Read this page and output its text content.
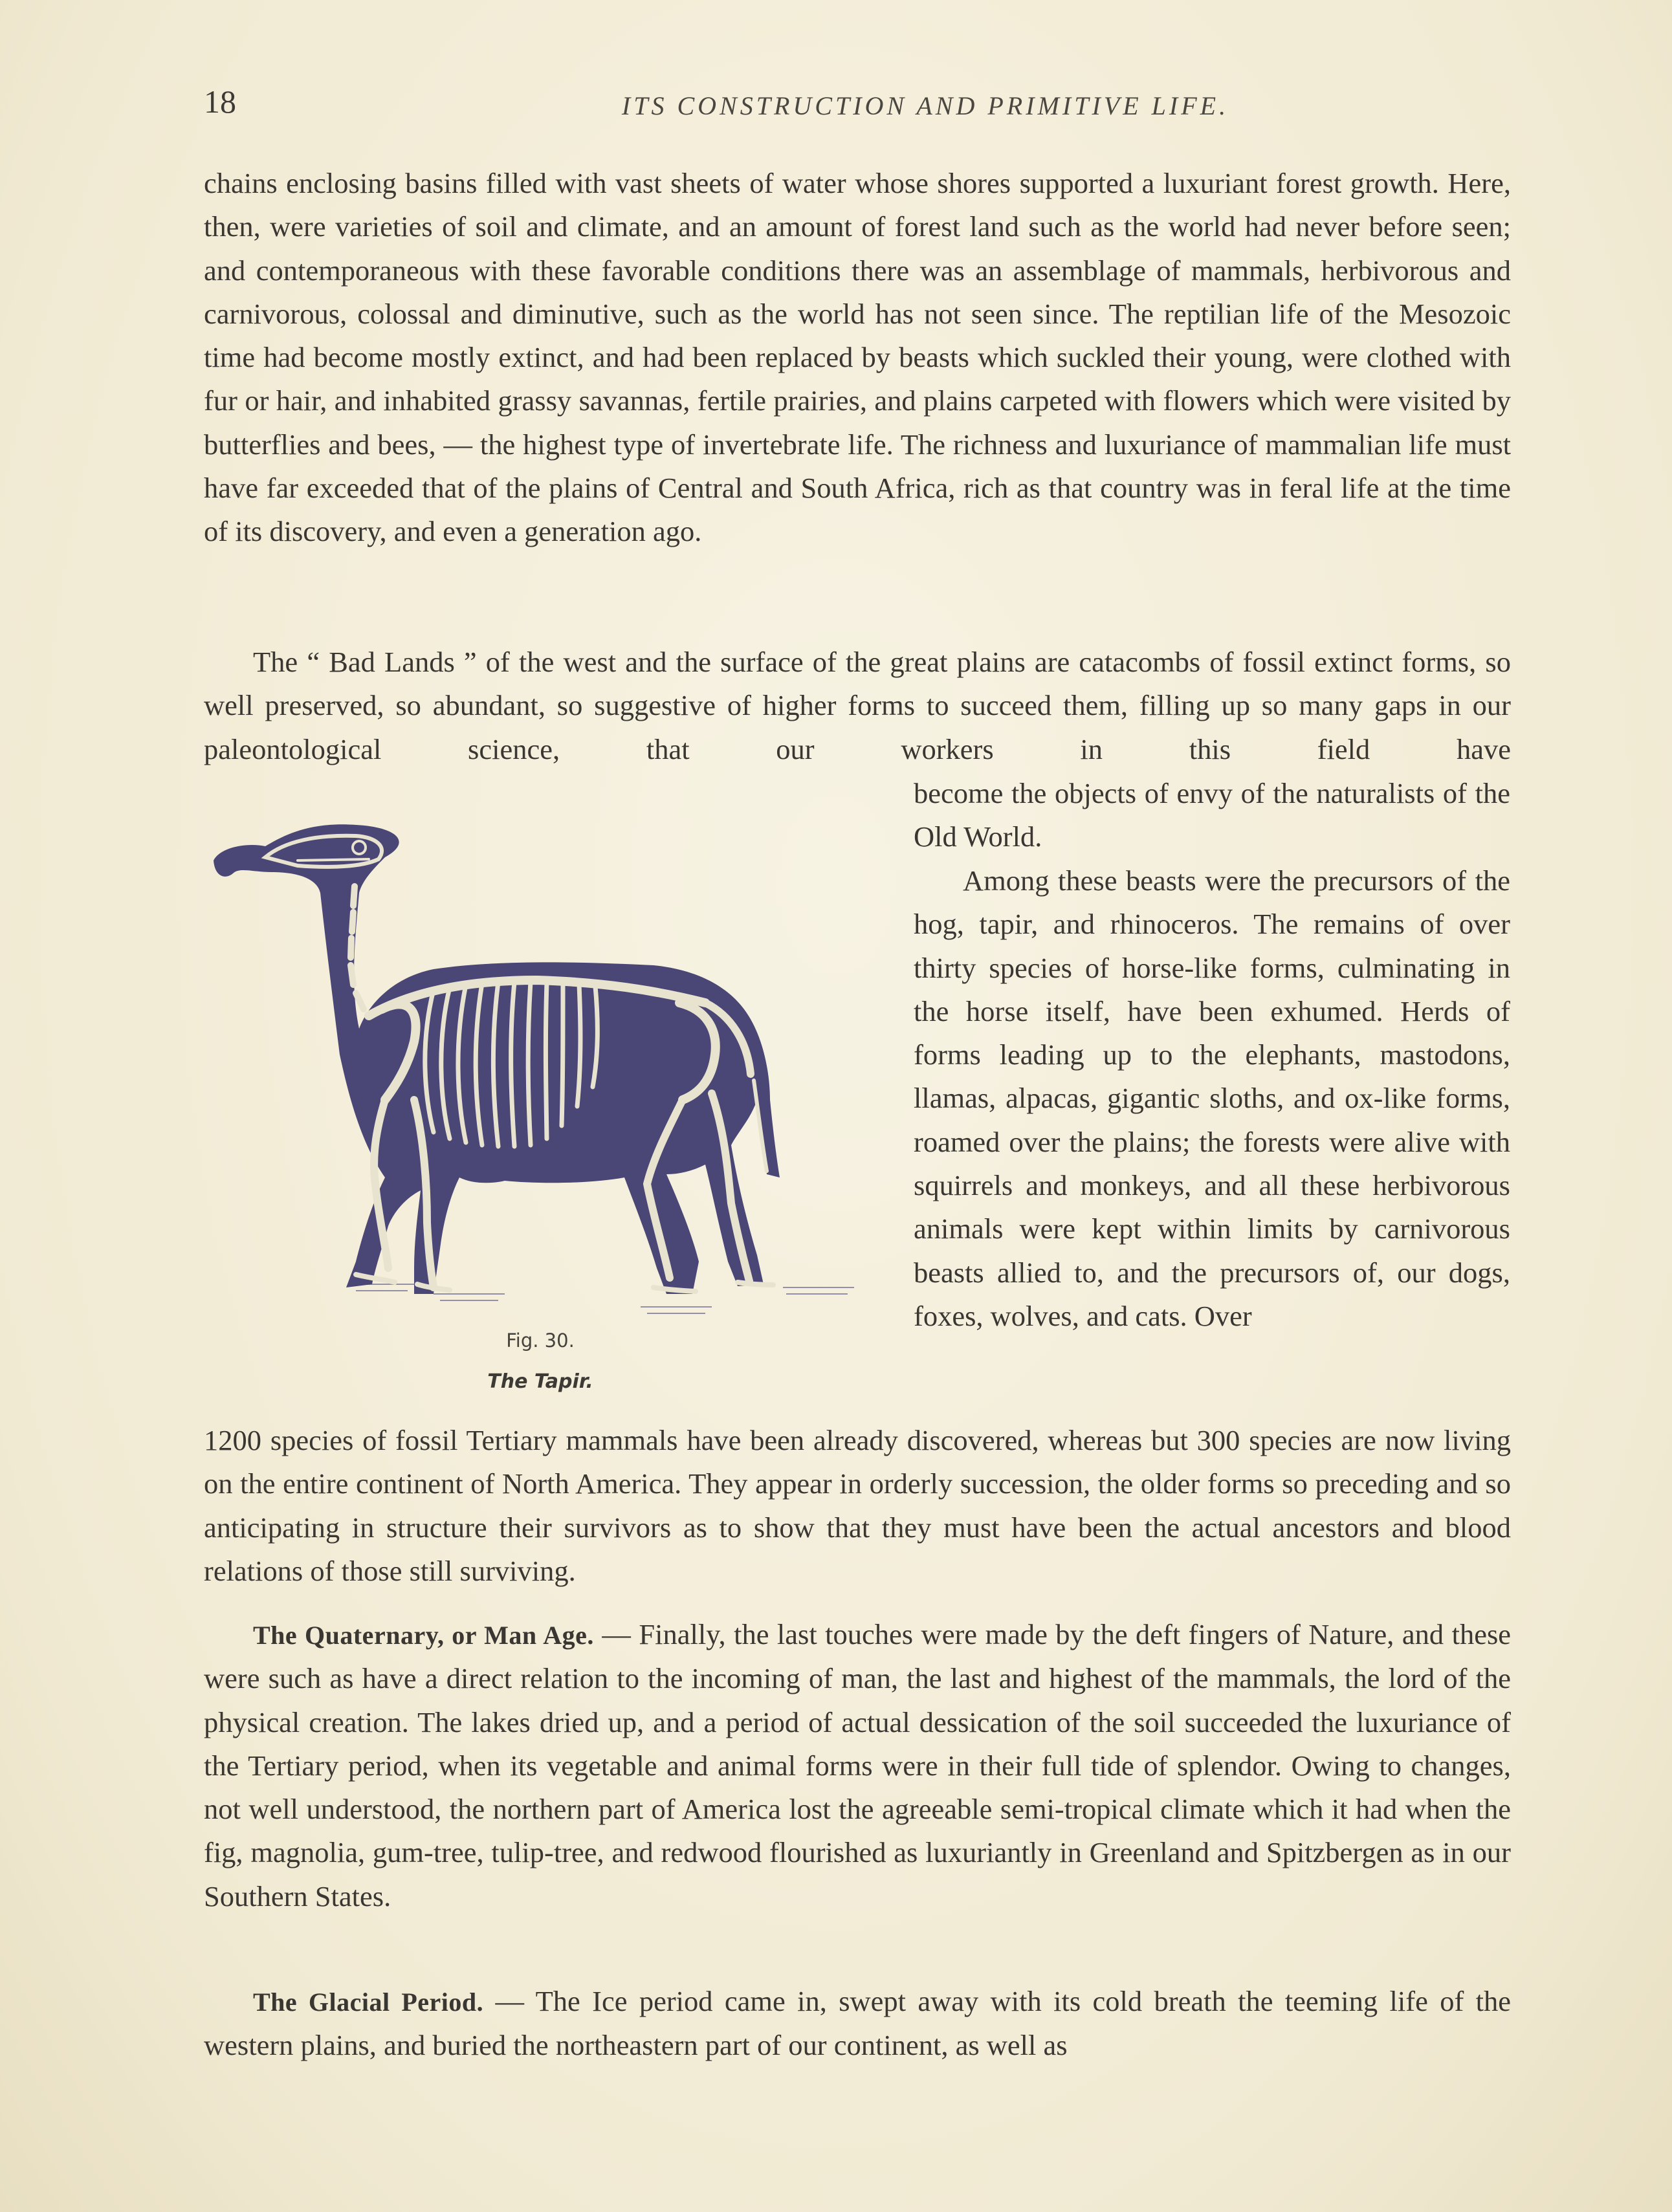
18	ITS CONSTRUCTION AND PRIMITIVE LIFE.

chains enclosing basins filled with vast sheets of water whose shores supported a luxuriant forest growth. Here, then, were varieties of soil and climate, and an amount of forest land such as the world had never before seen; and contemporaneous with these favorable conditions there was an assemblage of mammals, herbivorous and carnivorous, colossal and diminutive, such as the world has not seen since. The reptilian life of the Mesozoic time had become mostly extinct, and had been replaced by beasts which suckled their young, were clothed with fur or hair, and inhabited grassy savannas, fertile prairies, and plains carpeted with flowers which were visited by butterflies and bees, — the highest type of invertebrate life. The richness and luxuriance of mammalian life must have far exceeded that of the plains of Central and South Africa, rich as that country was in feral life at the time of its discovery, and even a generation ago.

The “ Bad Lands ” of the west and the surface of the great plains are catacombs of fossil extinct forms, so well preserved, so abundant, so suggestive of higher forms to succeed them, filling up so many gaps in our paleontological science, that our workers in this field have

become the objects of envy of the naturalists of the Old World.

Among these beasts were the precursors of the hog, tapir, and rhinoceros. The remains of over thirty species of horse-like forms, culminating in the horse itself, have been exhumed. Herds of forms leading up to the elephants, mastodons, llamas, alpacas, gigantic sloths, and ox-like forms, roamed over the plains; the forests were alive with squirrels and monkeys, and all these herbivorous animals were kept within limits by carnivorous beasts allied to, and the precursors of, our dogs, foxes, wolves, and cats. Over

1200 species of fossil Tertiary mammals have been already discovered, whereas but 300 species are now living on the entire continent of North America. They appear in orderly succession, the older forms so preceding and so anticipating in structure their survivors as to show that they must have been the actual ancestors and blood relations of those still surviving.

The Quaternary, or Man Age. — Finally, the last touches were made by the deft fingers of Nature, and these were such as have a direct relation to the incoming of man, the last and highest of the mammals, the lord of the physical creation. The lakes dried up, and a period of actual dessication of the soil succeeded the luxuriance of the Tertiary period, when its vegetable and animal forms were in their full tide of splendor. Owing to changes, not well understood, the northern part of America lost the agreeable semi-tropical climate which it had when the fig, magnolia, gum-tree, tulip-tree, and redwood flourished as luxuriantly in Greenland and Spitzbergen as in our Southern States.

The Glacial Period. — The Ice period came in, swept away with its cold breath the teeming life of the western plains, and buried the northeastern part of our continent, as well as

Fig. 30.
The Tapir.
